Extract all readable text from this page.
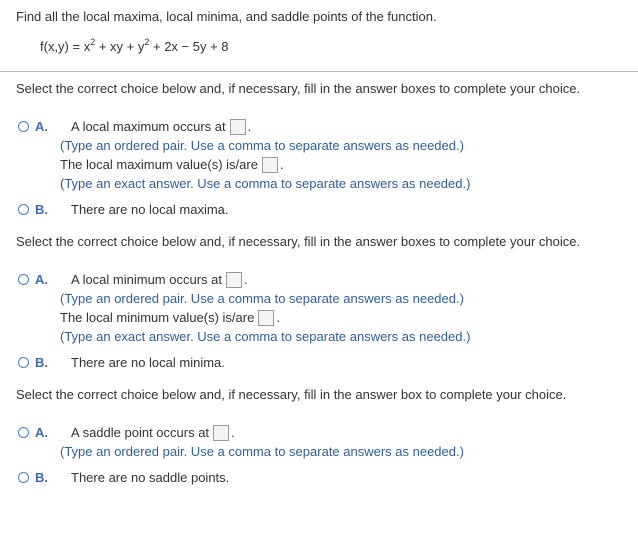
Find all the local maxima, local minima, and saddle points of the function.
$f(x,y) = x^2$ + xy + $y^2 + 2x - 5y + 8$
Select the correct choice below and, if necessary, fill in the answer boxes to complete your choice.
A.	A local maximum occurs at .
(Type an ordered pair. Use a comma to separate answers as needed.)
The local maximum value(s) is/are .
(Type an exact answer. Use a comma to separate answers as needed.)
B.	There are no local maxima.
Select the correct choice below and, if necessary, fill in the answer boxes to complete your choice.
A.	A local minimum occurs at .
(Type an ordered pair. Use a comma to separate answers as needed.)
The local minimum value(s) is/are .
(Type an exact answer. Use a comma to separate answers as needed.)
B.	There are no local minima.
Select the correct choice below and, if necessary, fill in the answer box to complete your choice.
A.	A saddle point occurs at .
(Type an ordered pair. Use a comma to separate answers as needed.)
B.	There are no saddle points.
